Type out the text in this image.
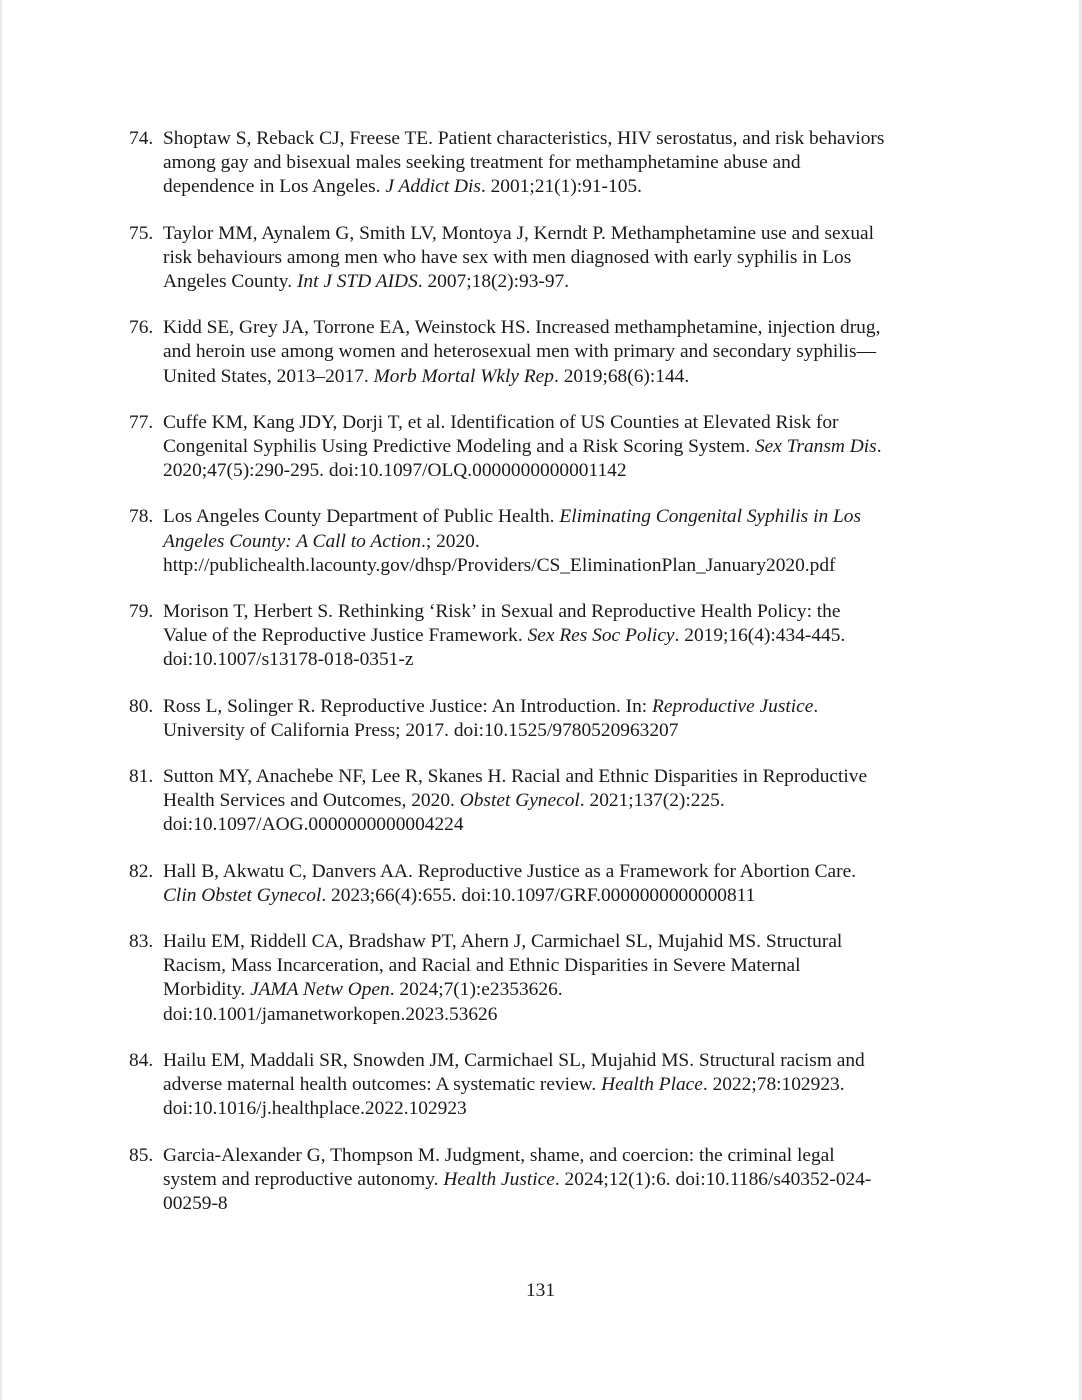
74. Shoptaw S, Reback CJ, Freese TE. Patient characteristics, HIV serostatus, and risk behaviors
among gay and bisexual males seeking treatment for methamphetamine abuse and
dependence in Los Angeles. J Addict Dis. 2001;21(1):91-105.
75. Taylor MM, Aynalem G, Smith LV, Montoya J, Kerndt P. Methamphetamine use and sexual
risk behaviours among men who have sex with men diagnosed with early syphilis in Los
Angeles County. Int J STD AIDS. 2007;18(2):93-97.
76. Kidd SE, Grey JA, Torrone EA, Weinstock HS. Increased methamphetamine, injection drug,
and heroin use among women and heterosexual men with primary and secondary syphilis—
United States, 2013–2017. Morb Mortal Wkly Rep. 2019;68(6):144.
77. Cuffe KM, Kang JDY, Dorji T, et al. Identification of US Counties at Elevated Risk for
Congenital Syphilis Using Predictive Modeling and a Risk Scoring System. Sex Transm Dis.
2020;47(5):290-295. doi:10.1097/OLQ.0000000000001142
78. Los Angeles County Department of Public Health. Eliminating Congenital Syphilis in Los
Angeles County: A Call to Action.; 2020.
http://publichealth.lacounty.gov/dhsp/Providers/CS_EliminationPlan_January2020.pdf
79. Morison T, Herbert S. Rethinking ‘Risk’ in Sexual and Reproductive Health Policy: the
Value of the Reproductive Justice Framework. Sex Res Soc Policy. 2019;16(4):434-445.
doi:10.1007/s13178-018-0351-z
80. Ross L, Solinger R. Reproductive Justice: An Introduction. In: Reproductive Justice.
University of California Press; 2017. doi:10.1525/9780520963207
81. Sutton MY, Anachebe NF, Lee R, Skanes H. Racial and Ethnic Disparities in Reproductive
Health Services and Outcomes, 2020. Obstet Gynecol. 2021;137(2):225.
doi:10.1097/AOG.0000000000004224
82. Hall B, Akwatu C, Danvers AA. Reproductive Justice as a Framework for Abortion Care.
Clin Obstet Gynecol. 2023;66(4):655. doi:10.1097/GRF.0000000000000811
83. Hailu EM, Riddell CA, Bradshaw PT, Ahern J, Carmichael SL, Mujahid MS. Structural
Racism, Mass Incarceration, and Racial and Ethnic Disparities in Severe Maternal
Morbidity. JAMA Netw Open. 2024;7(1):e2353626.
doi:10.1001/jamanetworkopen.2023.53626
84. Hailu EM, Maddali SR, Snowden JM, Carmichael SL, Mujahid MS. Structural racism and
adverse maternal health outcomes: A systematic review. Health Place. 2022;78:102923.
doi:10.1016/j.healthplace.2022.102923
85. Garcia-Alexander G, Thompson M. Judgment, shame, and coercion: the criminal legal
system and reproductive autonomy. Health Justice. 2024;12(1):6. doi:10.1186/s40352-024-
00259-8
131
